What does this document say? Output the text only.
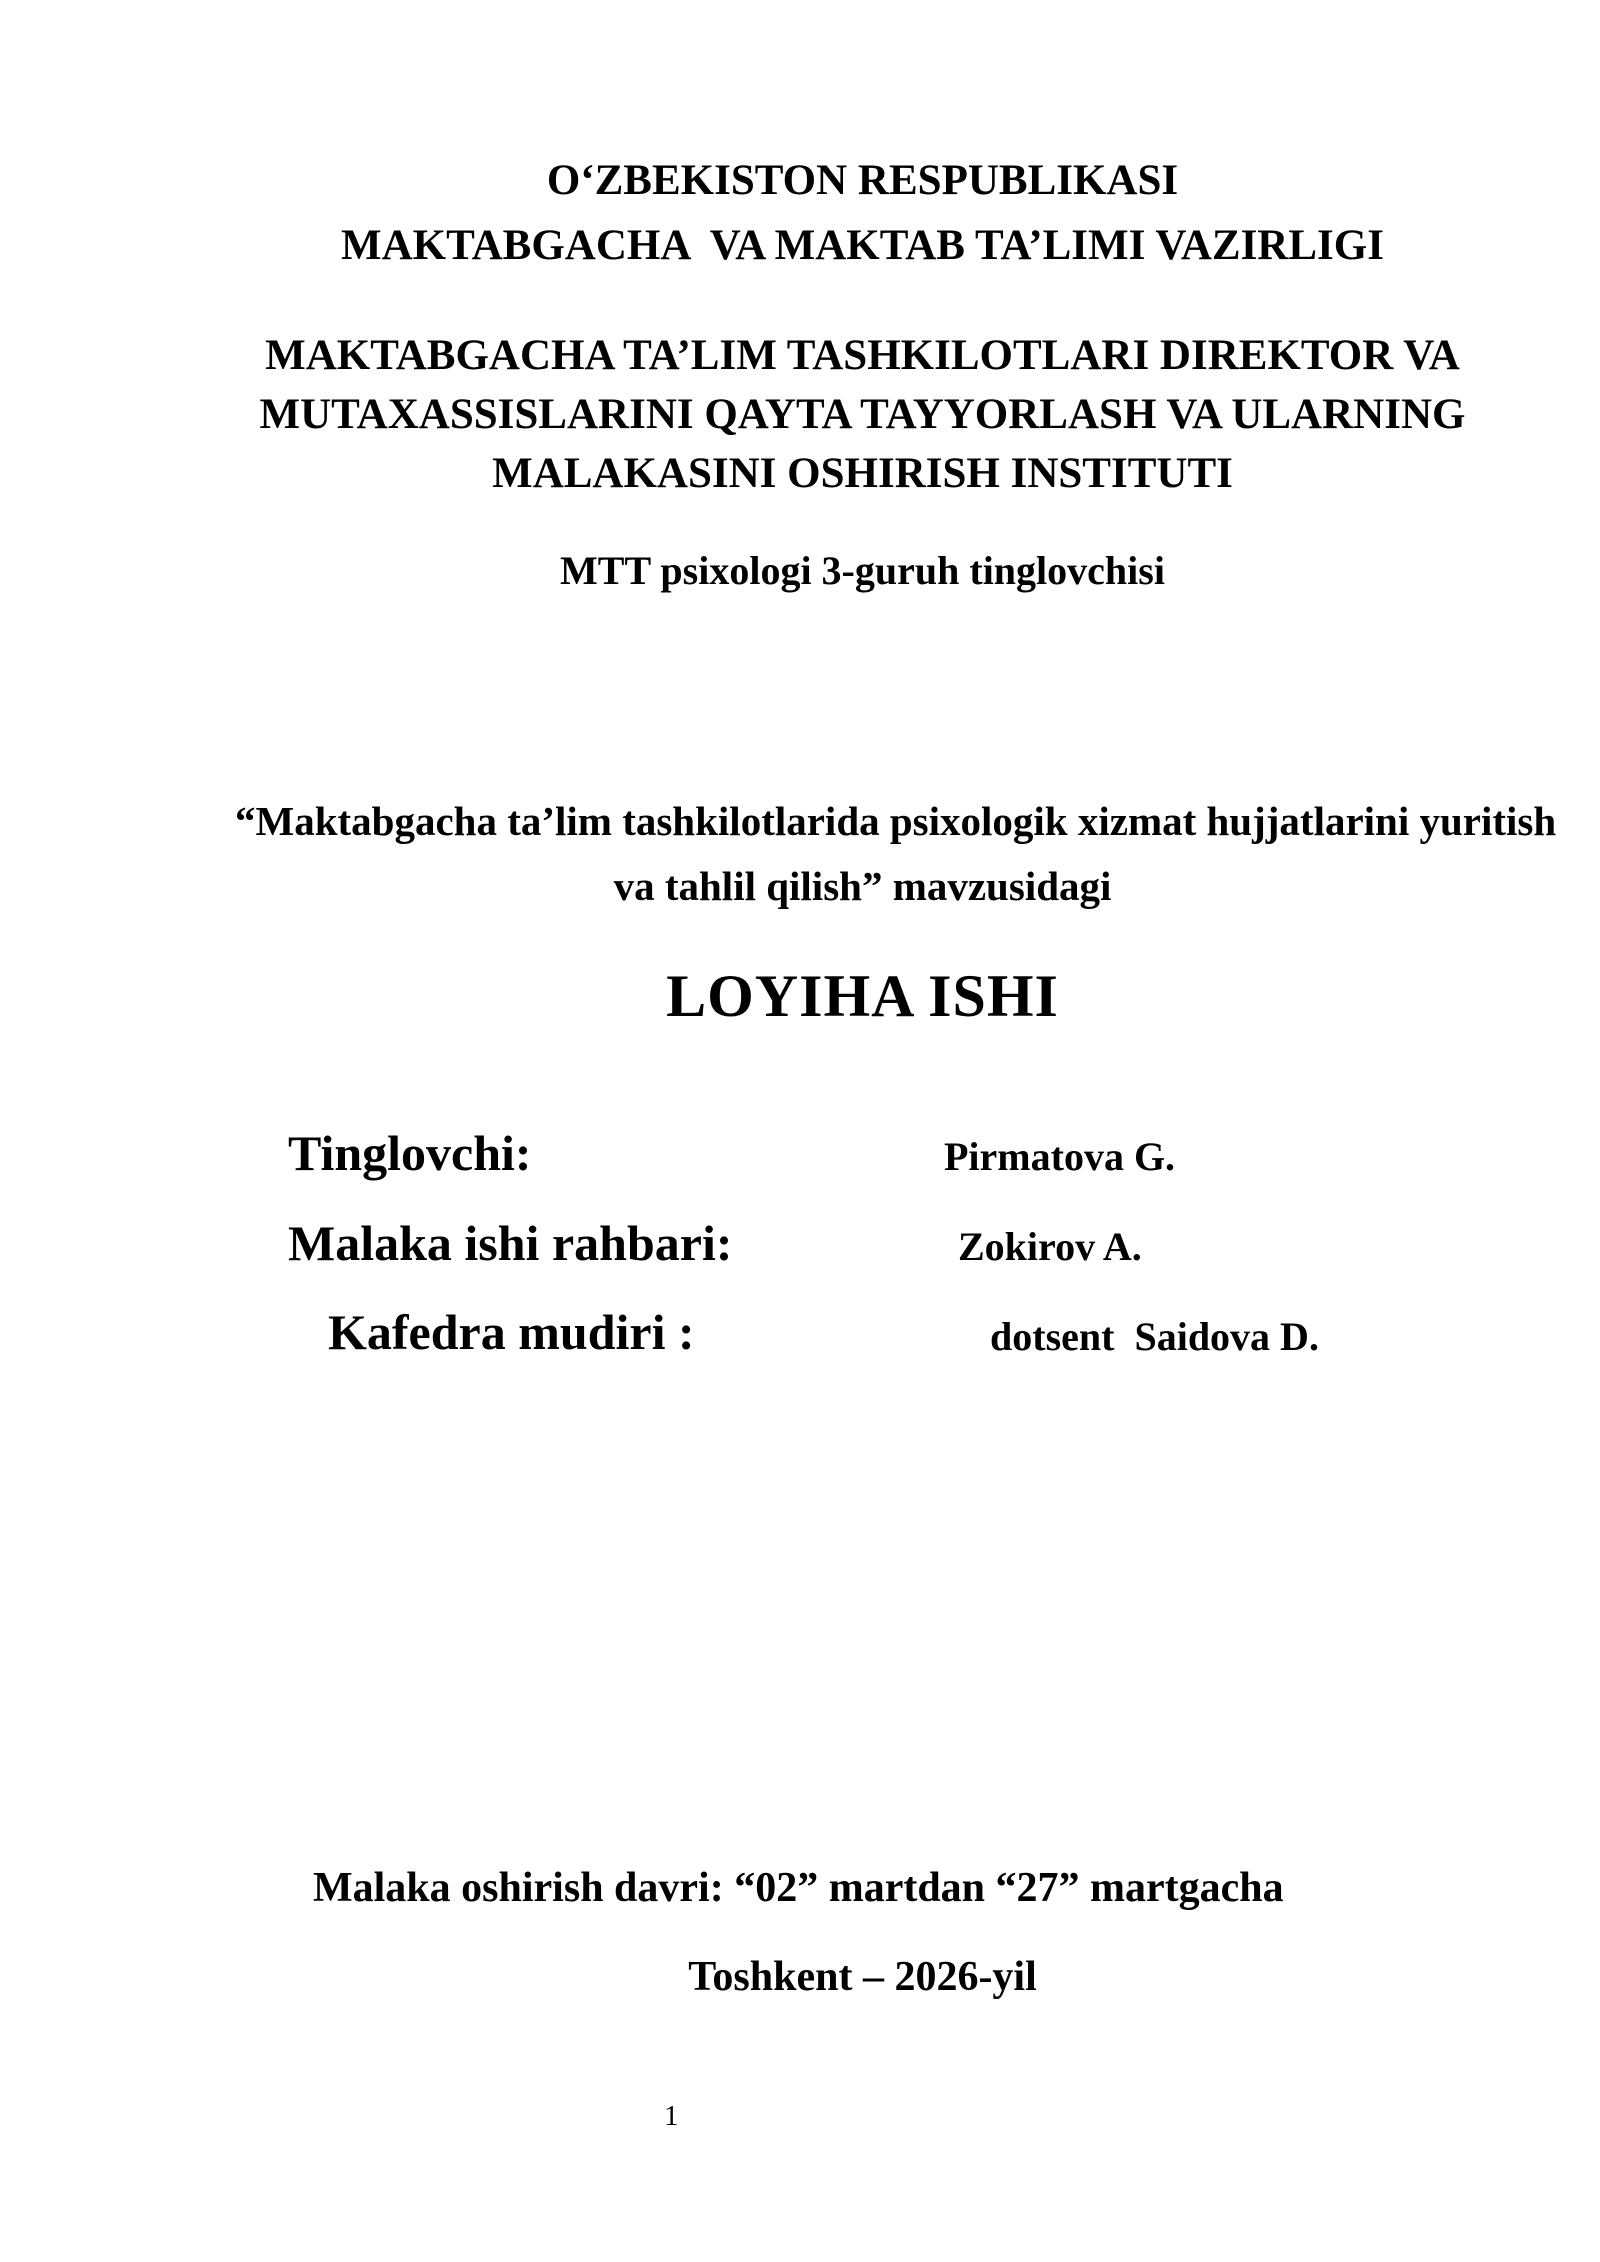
O‘ZBEKISTON RESPUBLIKASI

MAKTABGACHA  VA MAKTAB TA’LIMI VAZIRLIGI

MAKTABGACHA TA’LIM TASHKILOTLARI DIREKTOR VA

MUTAXASSISLARINI QAYTA TAYYORLASH VA ULARNING

MALAKASINI OSHIRISH INSTITUTI

MTT psixologi 3-guruh tinglovchisi

“Maktabgacha ta’lim tashkilotlarida psixologik xizmat hujjatlarini yuritish

va tahlil qilish” mavzusidagi

LOYIHA ISHI

Tinglovchi:	Pirmatova G.

Malaka ishi rahbari:	Zokirov A.

Kafedra mudiri :	dotsent  Saidova D.

Malaka oshirish davri: “02” martdan “27” martgacha

Toshkent – 2026-yil

1
